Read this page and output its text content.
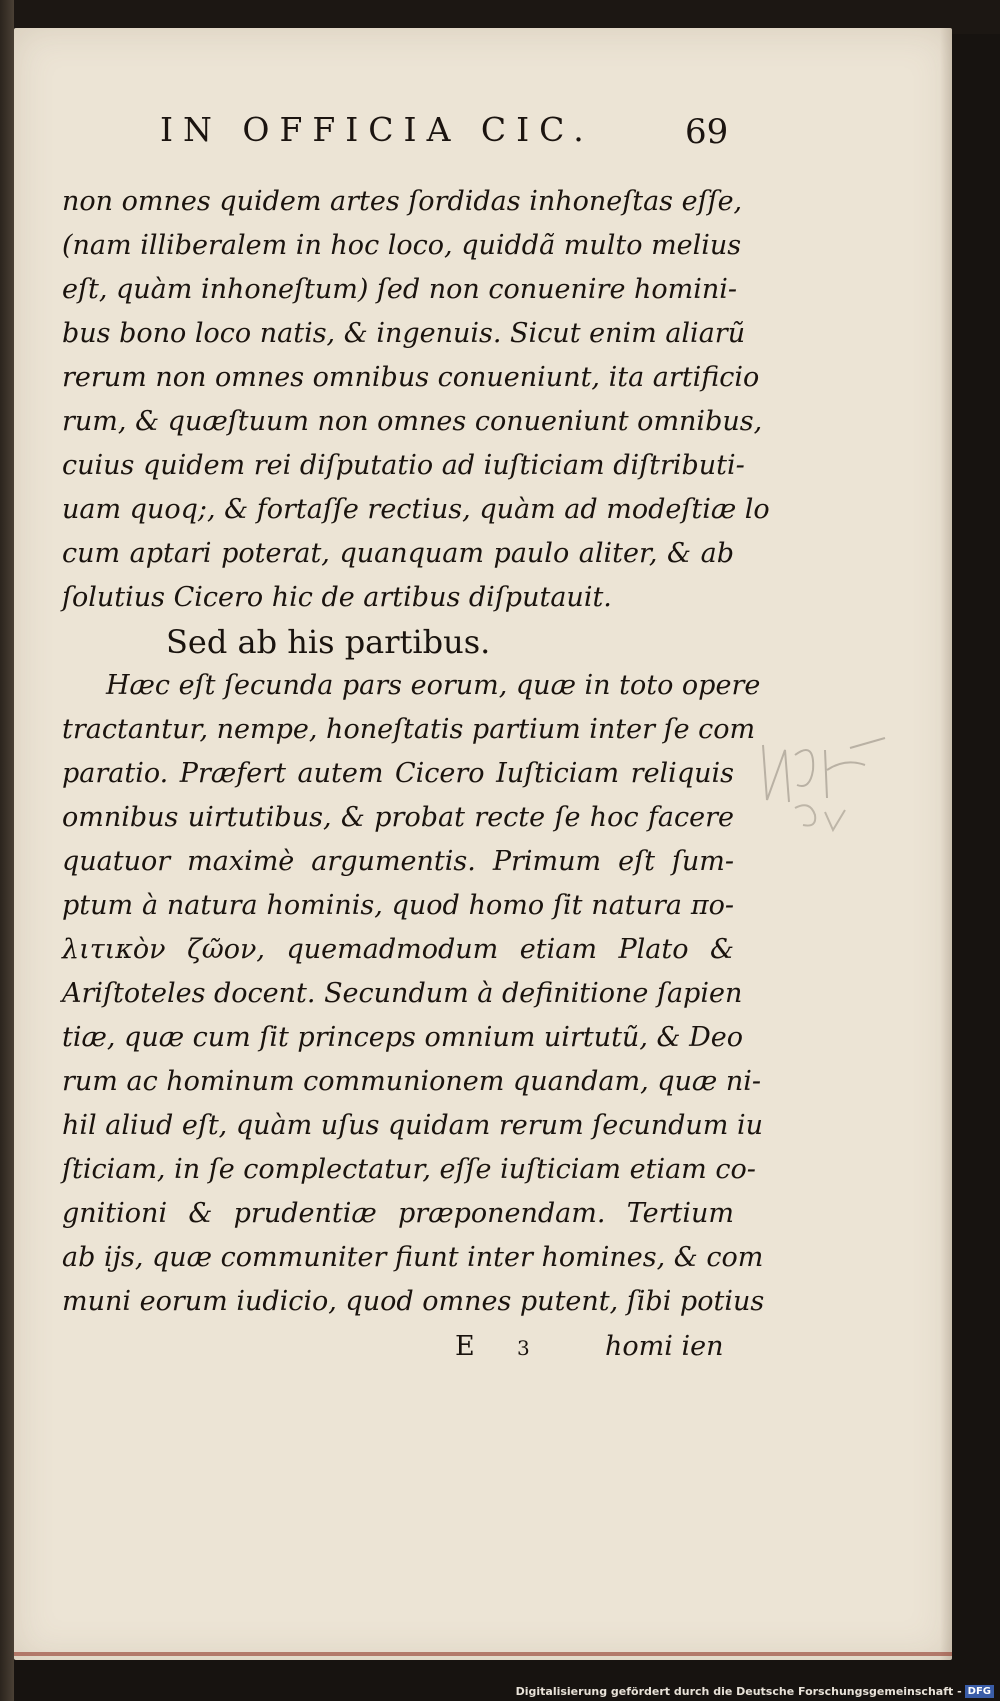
IN OFFICIA CIC.	69
non omnes quidem artes ſordidas inhoneſtas eſſe,
(nam illiberalem in hoc loco, quiddã multo melius
eſt, quàm inhoneſtum) ſed non conuenire homini-
bus bono loco natis, & ingenuis. Sicut enim aliarũ
rerum non omnes omnibus conueniunt, ita artificio
rum, & quæſtuum non omnes conueniunt omnibus,
cuius quidem rei diſputatio ad iuſticiam diſtributi-
uam quoq;, & fortaſſe rectius, quàm ad modeſtiæ lo
cum aptari poterat, quanquam paulo aliter, & ab
ſolutius Cicero hic de artibus diſputauit.
Sed ab his partibus.
Hæc eſt ſecunda pars eorum, quæ in toto opere
tractantur, nempe, honeſtatis partium inter ſe com
paratio. Præfert autem Cicero Iuſticiam reliquis
omnibus uirtutibus, & probat recte ſe hoc facere
quatuor maximè argumentis. Primum eſt ſum-
ptum à natura hominis, quod homo ſit natura πο-
λιτικὸν ζῶον, quemadmodum etiam Plato &
Ariſtoteles docent. Secundum à definitione ſapien
tiæ, quæ cum ſit princeps omnium uirtutũ, & Deo
rum ac hominum communionem quandam, quæ ni-
hil aliud eſt, quàm uſus quidam rerum ſecundum iu
ſticiam, in ſe complectatur, eſſe iuſticiam etiam co-
gnitioni & prudentiæ præponendam. Tertium
ab ijs, quæ communiter fiunt inter homines, & com
muni eorum iudicio, quod omnes putent, ſibi potius
E 3	homi ien
Digitalisierung gefördert durch die Deutsche Forschungsgemeinschaft - DFG
